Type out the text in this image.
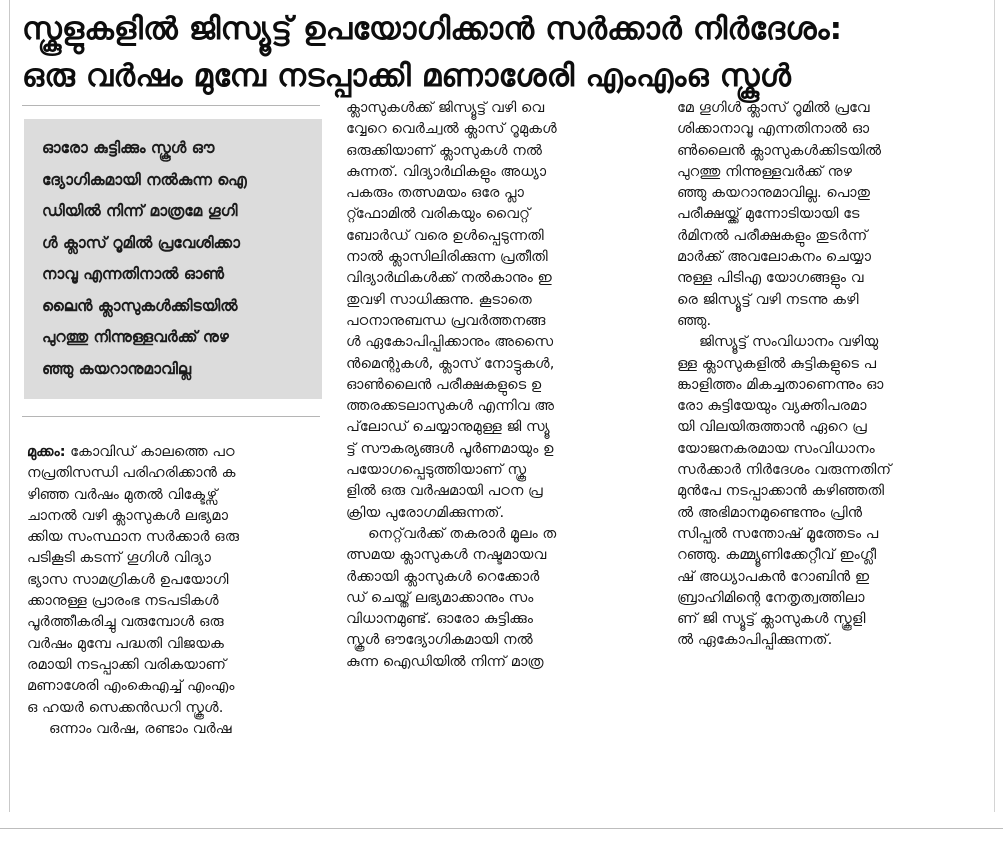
സ്കൂളുകളിൽ ജിസ്യൂട്ട് ഉപയോഗിക്കാൻ സർക്കാർ നിർദേശം:
ഒരു വർഷം മുമ്പേ നടപ്പാക്കി മണാശേരി എംഎംഒ സ്കൂൾ
ഓരോ കുട്ടിക്കും സ്കൂൾ ഔ
ദ്യോഗികമായി നൽകുന്ന ഐ
ഡിയിൽ നിന്ന് മാത്രമേ ഗൂഗി
ൾ ക്ലാസ് റൂമിൽ പ്രവേശിക്കാ
നാവൂ എന്നതിനാൽ ഓൺ
ലൈൻ ക്ലാസുകൾക്കിടയിൽ
പുറത്തു നിന്നുള്ളവർക്ക് നുഴ
ഞ്ഞു കയറാനുമാവില്ല
മുക്കം: കോവിഡ് കാലത്തെ പഠ
നപ്രതിസന്ധി പരിഹരിക്കാൻ ക
ഴിഞ്ഞ വർഷം മുതൽ വിക്ടേഴ്സ്
ചാനൽ വഴി ക്ലാസുകൾ ലഭ്യമാ
ക്കിയ സംസ്ഥാന സർക്കാർ ഒരു
പടികൂടി കടന്ന് ഗൂഗിൾ വിദ്യാ
ഭ്യാസ സാമഗ്രികൾ ഉപയോഗി
ക്കാനുള്ള പ്രാരംഭ നടപടികൾ
പൂർത്തീകരിച്ചു വരുമ്പോൾ ഒരു
വർഷം മുമ്പേ പദ്ധതി വിജയക
രമായി നടപ്പാക്കി വരികയാണ്
മണാശേരി എംകെഎച്ച് എംഎം
ഒ ഹയർ സെക്കൻഡറി സ്കൂൾ.
ഒന്നാം വർഷ, രണ്ടാം വർഷ
ക്ലാസുകൾക്ക് ജിസ്യൂട്ട് വഴി വെ
വ്വേറെ വെർച്വൽ ക്ലാസ് റൂമുകൾ
ഒരുക്കിയാണ് ക്ലാസുകൾ നൽ
കുന്നത്. വിദ്യാർഥികളും അധ്യാ
പകരും തത്സമയം ഒരേ പ്ലാ
റ്റ്ഫോമിൽ വരികയും വൈറ്റ്
ബോർഡ് വരെ ഉൾപ്പെടുന്നതി
നാൽ ക്ലാസിലിരിക്കുന്ന പ്രതീതി
വിദ്യാർഥികൾക്ക് നൽകാനും ഇ
തുവഴി സാധിക്കുന്നു. കൂടാതെ
പഠനാനുബന്ധ പ്രവർത്തനങ്ങ
ൾ ഏകോപിപ്പിക്കാനും അസൈ
ൻമെന്റുകൾ, ക്ലാസ് നോട്ടുകൾ,
ഓൺലൈൻ പരീക്ഷകളുടെ ഉ
ത്തരക്കടലാസുകൾ എന്നിവ അ
പ്‌ലോഡ് ചെയ്യാനുമുള്ള ജി സ്യൂ
ട്ട് സൗകര്യങ്ങൾ പൂർണമായും ഉ
പയോഗപ്പെടുത്തിയാണ് സ്കൂ
ളിൽ ഒരു വർഷമായി പഠന പ്ര
ക്രിയ പുരോഗമിക്കുന്നത്.
നെറ്റ്‌വർക്ക് തകരാർ മൂലം ത
ത്സമയ ക്ലാസുകൾ നഷ്ടമായവ
ർക്കായി ക്ലാസുകൾ റെക്കോർ
ഡ് ചെയ്ത് ലഭ്യമാക്കാനും സം
വിധാനമുണ്ട്. ഓരോ കുട്ടിക്കും
സ്കൂൾ ഔദ്യോഗികമായി നൽ
കുന്ന ഐഡിയിൽ നിന്ന് മാത്ര
മേ ഗൂഗിൾ ക്ലാസ് റൂമിൽ പ്രവേ
ശിക്കാനാവൂ എന്നതിനാൽ ഓ
ൺലൈൻ ക്ലാസുകൾക്കിടയിൽ
പുറത്തു നിന്നുള്ളവർക്ക് നുഴ
ഞ്ഞു കയറാനുമാവില്ല. പൊതു
പരീക്ഷയ്ക്ക് മുന്നോടിയായി ടേ
ർമിനൽ പരീക്ഷകളും തുടർന്ന്
മാർക്ക് അവലോകനം ചെയ്യാ
നുള്ള പിടിഎ യോഗങ്ങളും വ
രെ ജിസ്യൂട്ട് വഴി നടന്നു കഴി
ഞ്ഞു.
ജിസ്യൂട്ട് സംവിധാനം വഴിയു
ള്ള ക്ലാസുകളിൽ കുട്ടികളുടെ പ
ങ്കാളിത്തം മികച്ചതാണെന്നും ഓ
രോ കുട്ടിയേയും വ്യക്തിപരമാ
യി വിലയിരുത്താൻ ഏറെ പ്ര
യോജനകരമായ സംവിധാനം
സർക്കാർ നിർദേശം വരുന്നതിന്
മുൻപേ നടപ്പാക്കാൻ കഴിഞ്ഞതി
ൽ അഭിമാനമുണ്ടെന്നും പ്രിൻ
സിപ്പൽ സന്തോഷ് മൂത്തേടം പ
റഞ്ഞു. കമ്മ്യൂണിക്കേറ്റീവ് ഇംഗ്ലീ
ഷ് അധ്യാപകൻ റോബിൻ ഇ
ബ്രാഹിമിന്റെ നേതൃത്വത്തിലാ
ണ് ജി സ്യൂട്ട് ക്ലാസുകൾ സ്കൂളി
ൽ ഏകോപിപ്പിക്കുന്നത്.
